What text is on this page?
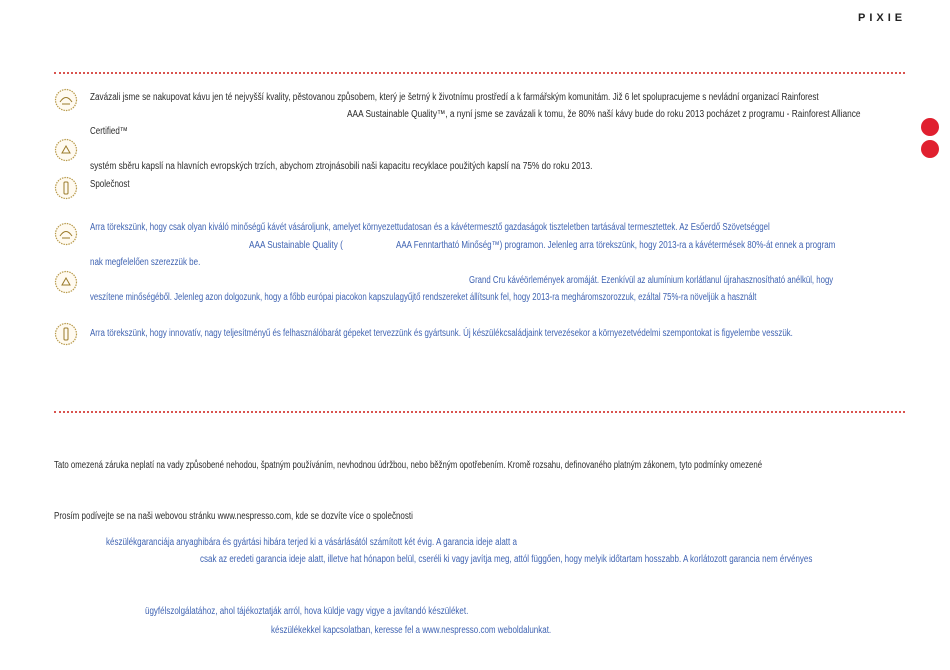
PIXIE
Zavázali jsme se nakupovat kávu jen té nejvyšší kvality, pěstovanou způsobem, který je šetrný k životnímu prostředí a k farmářským komunitám. Již 6 let spolupracujeme s nevládní organizací Rainforest
AAA Sustainable Quality™, a nyní jsme se zavázali k tomu, že 80% naší kávy bude do roku 2013 pocházet z programu - Rainforest Alliance
Certified™
systém sběru kapslí na hlavních evropských trzích, abychom ztrojnásobili naši kapacitu recyklace použitých kapslí na 75% do roku 2013.
Společnost
Arra törekszünk, hogy csak olyan kiváló minőségű kávét vásároljunk, amelyet környezettudatosan és a kávétermesztő gazdaságok tiszteletben tartásával termesztettek. Az Esőerdő Szövetséggel
AAA Sustainable Quality (	AAA Fenntartható Minőség™) programon. Jelenleg arra törekszünk, hogy 2013-ra a kávétermések 80%-át ennek a program
nak megfelelően szerezzük be.
Grand Cru kávéörlemények aromáját. Ezenkívül az alumínium korlátlanul újrahasznosítható anélkül, hogy
veszítene minőségéből. Jelenleg azon dolgozunk, hogy a főbb európai piacokon kapszulagyűjtő rendszereket állítsunk fel, hogy 2013-ra megháromszorozzuk, ezáltal 75%-ra növeljük a használt
Arra törekszünk, hogy innovatív, nagy teljesítményű és felhasználóbarát gépeket tervezzünk és gyártsunk. Új készülékcsaládjaink tervezésekor a környezetvédelmi szempontokat is figyelembe vesszük.
Tato omezená záruka neplatí na vady způsobené nehodou, špatným používáním, nevhodnou údržbou, nebo běžným opotřebením. Kromě rozsahu, definovaného platným zákonem, tyto podmínky omezené
Prosím podívejte se na naši webovou stránku www.nespresso.com, kde se dozvíte více o společnosti
készülékgaranciája anyaghibára és gyártási hibára terjed ki a vásárlásától számított két évig. A garancia ideje alatt a
csak az eredeti garancia ideje alatt, illetve hat hónapon belül, cseréli ki vagy javítja meg, attól függően, hogy melyik időtartam hosszabb. A korlátozott garancia nem érvényes
ügyfélszolgálatához, ahol tájékoztatják arról, hova küldje vagy vigye a javítandó készüléket.
készülékekkel kapcsolatban, keresse fel a www.nespresso.com weboldalunkat.
